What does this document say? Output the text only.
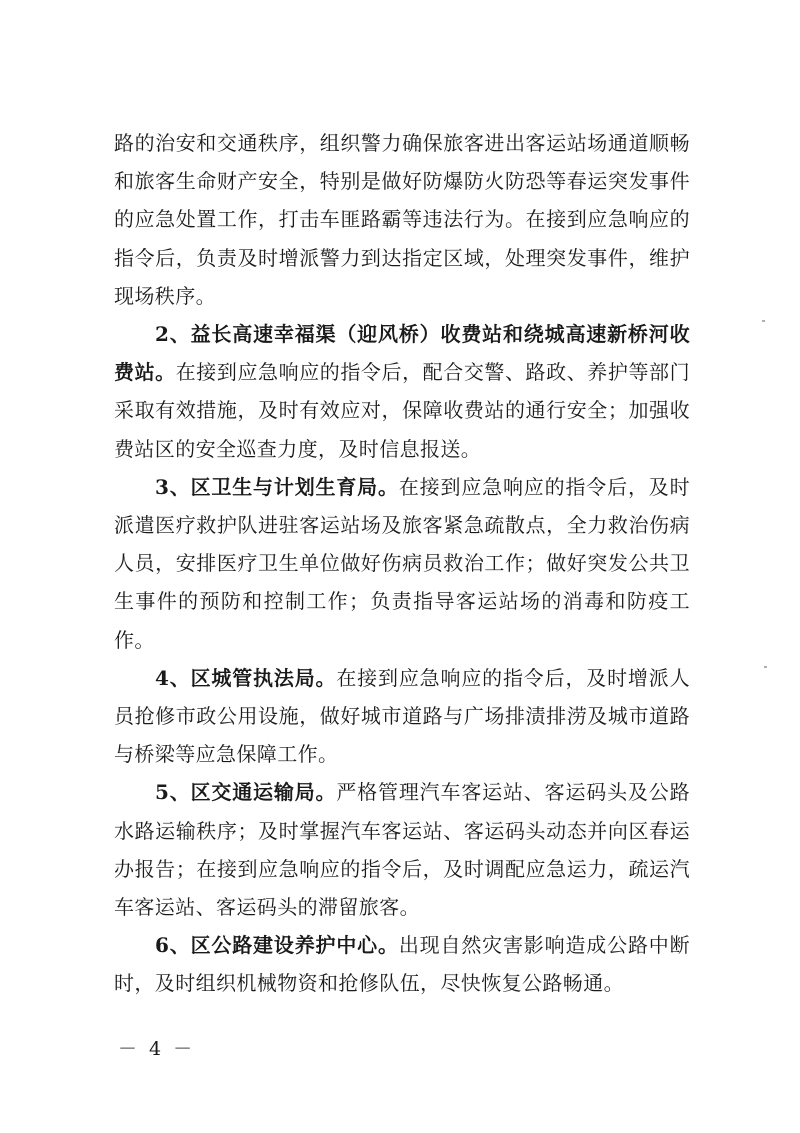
路的治安和交通秩序，组织警力确保旅客进出客运站场通道顺畅和旅客生命财产安全，特别是做好防爆防火防恐等春运突发事件的应急处置工作，打击车匪路霸等违法行为。在接到应急响应的指令后，负责及时增派警力到达指定区域，处理突发事件，维护现场秩序。

2、益长高速幸福渠（迎风桥）收费站和绕城高速新桥河收费站。在接到应急响应的指令后，配合交警、路政、养护等部门采取有效措施，及时有效应对，保障收费站的通行安全；加强收费站区的安全巡查力度，及时信息报送。

3、区卫生与计划生育局。在接到应急响应的指令后，及时派遣医疗救护队进驻客运站场及旅客紧急疏散点，全力救治伤病人员，安排医疗卫生单位做好伤病员救治工作；做好突发公共卫生事件的预防和控制工作；负责指导客运站场的消毒和防疫工作。

4、区城管执法局。在接到应急响应的指令后，及时增派人员抢修市政公用设施，做好城市道路与广场排渍排涝及城市道路与桥梁等应急保障工作。

5、区交通运输局。严格管理汽车客运站、客运码头及公路水路运输秩序；及时掌握汽车客运站、客运码头动态并向区春运办报告；在接到应急响应的指令后，及时调配应急运力，疏运汽车客运站、客运码头的滞留旅客。

6、区公路建设养护中心。出现自然灾害影响造成公路中断时，及时组织机械物资和抢修队伍，尽快恢复公路畅通。

－ 4 －
